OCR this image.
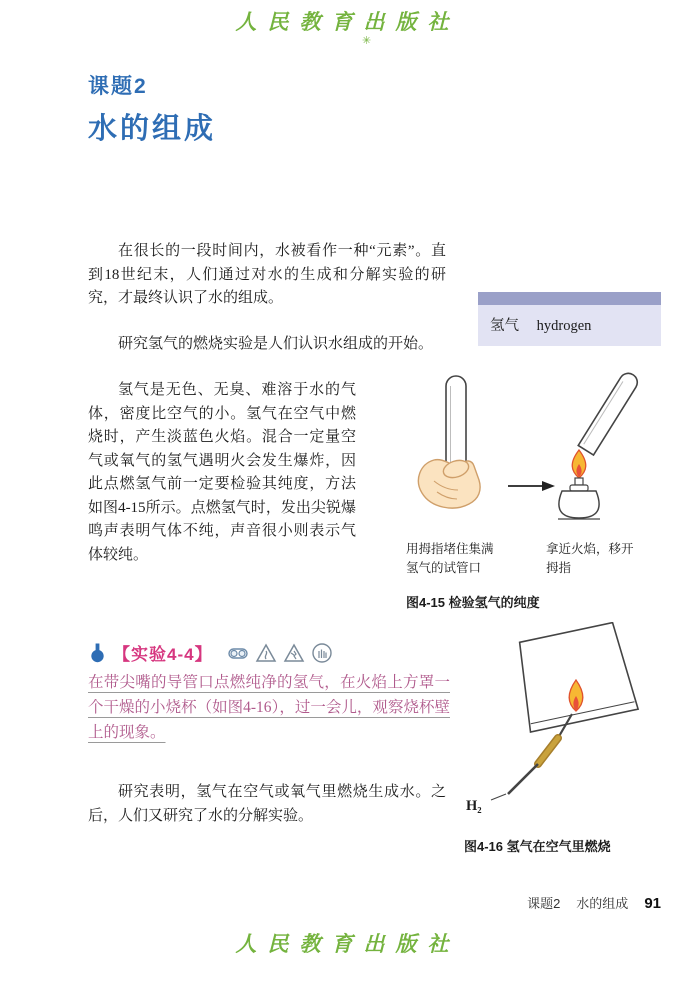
人民教育出版社
✳
课题2
水的组成

在很长的一段时间内，水被看作一种“元素”。直到18世纪末，人们通过对水的生成和分解实验的研究，才最终认识了水的组成。

研究氢气的燃烧实验是人们认识水组成的开始。

氢气是无色、无臭、难溶于水的气体，密度比空气的小。氢气在空气中燃烧时，产生淡蓝色火焰。混合一定量空气或氧气的氢气遇明火会发生爆炸，因此点燃氢气前一定要检验其纯度，方法如图4-15所示。点燃氢气时，发出尖锐爆鸣声表明气体不纯，声音很小则表示气体较纯。

研究表明，氢气在空气或氧气里燃烧生成水。之后，人们又研究了水的分解实验。

氢气 hydrogen
用拇指堵住集满
氢气的试管口
拿近火焰，移开
拇指
图4-15 检验氢气的纯度
【实验4-4】

在带尖嘴的导管口点燃纯净的氢气，在火焰上方罩一个干燥的小烧杯（如图4-16），过一会儿，观察烧杯壁上的现象。

H₂
图4-16 氢气在空气里燃烧
课题2 水的组成 91
人民教育出版社
